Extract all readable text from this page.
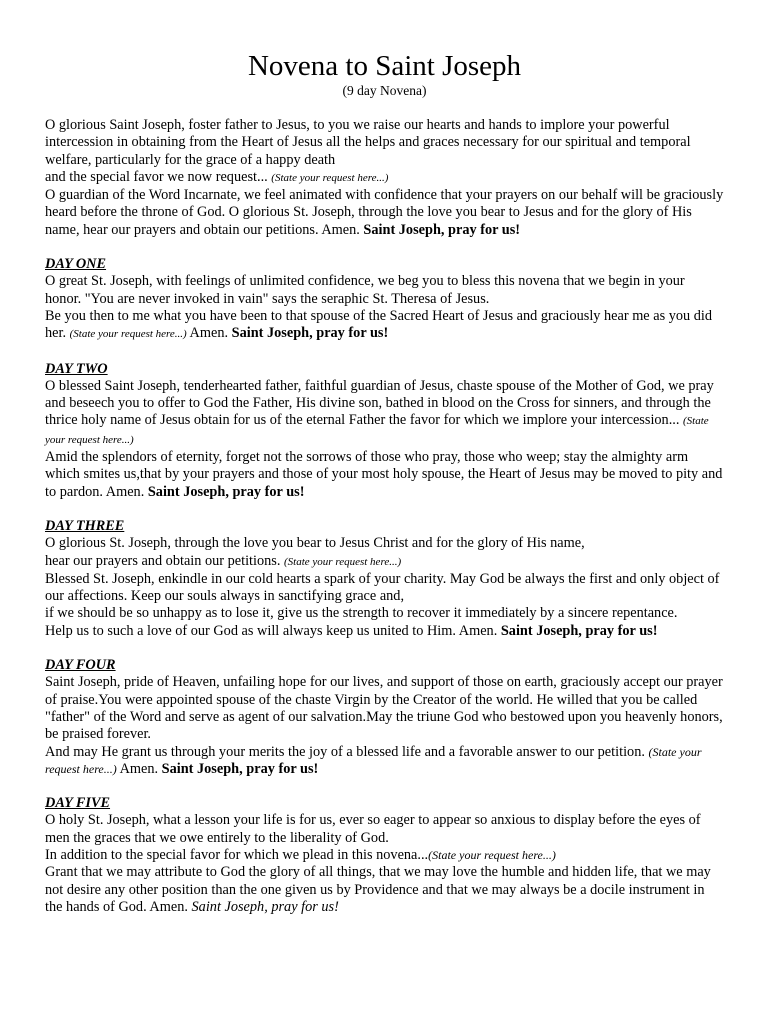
Novena to Saint Joseph
(9 day Novena)
O glorious Saint Joseph, foster father to Jesus, to you we raise our hearts and hands to implore your powerful intercession in obtaining from the Heart of Jesus all the helps and graces necessary for our spiritual and temporal welfare, particularly for the grace of a happy death
and the special favor we now request... (State your request here...)
O guardian of the Word Incarnate, we feel animated with confidence that your prayers on our behalf will be graciously heard before the throne of God. O glorious St. Joseph, through the love you bear to Jesus and for the glory of His name, hear our prayers and obtain our petitions. Amen. Saint Joseph, pray for us!
DAY ONE
O great St. Joseph, with feelings of unlimited confidence, we beg you to bless this novena that we begin in your honor. "You are never invoked in vain" says the seraphic St. Theresa of Jesus.
Be you then to me what you have been to that spouse of the Sacred Heart of Jesus and graciously hear me as you did her. (State your request here...) Amen. Saint Joseph, pray for us!
DAY TWO
O blessed Saint Joseph, tenderhearted father, faithful guardian of Jesus, chaste spouse of the Mother of God, we pray and beseech you to offer to God the Father, His divine son, bathed in blood on the Cross for sinners, and through the thrice holy name of Jesus obtain for us of the eternal Father the favor for which we implore your intercession... (State your request here...)
Amid the splendors of eternity, forget not the sorrows of those who pray, those who weep; stay the almighty arm which smites us,that by your prayers and those of your most holy spouse, the Heart of Jesus may be moved to pity and to pardon. Amen. Saint Joseph, pray for us!
DAY THREE
O glorious St. Joseph, through the love you bear to Jesus Christ and for the glory of His name,
hear our prayers and obtain our petitions. (State your request here...)
Blessed St. Joseph, enkindle in our cold hearts a spark of your charity. May God be always the first and only object of our affections. Keep our souls always in sanctifying grace and,
if we should be so unhappy as to lose it, give us the strength to recover it immediately by a sincere repentance.
Help us to such a love of our God as will always keep us united to Him. Amen. Saint Joseph, pray for us!
DAY FOUR
Saint Joseph, pride of Heaven, unfailing hope for our lives, and support of those on earth, graciously accept our prayer of praise.You were appointed spouse of the chaste Virgin by the Creator of the world. He willed that you be called "father" of the Word and serve as agent of our salvation.May the triune God who bestowed upon you heavenly honors, be praised forever.
And may He grant us through your merits the joy of a blessed life and a favorable answer to our petition. (State your request here...) Amen. Saint Joseph, pray for us!
DAY FIVE
O holy St. Joseph, what a lesson your life is for us, ever so eager to appear so anxious to display before the eyes of men the graces that we owe entirely to the liberality of God.
In addition to the special favor for which we plead in this novena...(State your request here...)
Grant that we may attribute to God the glory of all things, that we may love the humble and hidden life, that we may not desire any other position than the one given us by Providence and that we may always be a docile instrument in the hands of God. Amen. Saint Joseph, pray for us!
